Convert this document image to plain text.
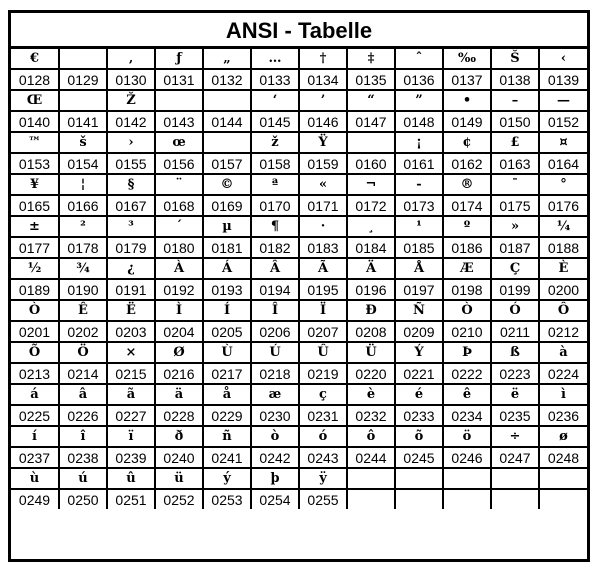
ANSI - Tabelle
€		‚	ƒ	„	…	†	‡	ˆ	‰	Š	‹
0128	0129	0130	0131	0132	0133	0134	0135	0136	0137	0138	0139
Œ		Ž			‘	’	“	”	•	–	—
0140	0141	0142	0143	0144	0145	0146	0147	0148	0149	0150	0152
™	š	›	œ		ž	Ÿ		¡	¢	£	¤
0153	0154	0155	0156	0157	0158	0159	0160	0161	0162	0163	0164
¥	¦	§	¨	©	ª	«	¬	-	®	¯	°
0165	0166	0167	0168	0169	0170	0171	0172	0173	0174	0175	0176
±	²	³	´	µ	¶	·	¸	¹	º	»	¼
0177	0178	0179	0180	0181	0182	0183	0184	0185	0186	0187	0188
½	¾	¿	À	Á	Â	Ã	Ä	Å	Æ	Ç	È
0189	0190	0191	0192	0193	0194	0195	0196	0197	0198	0199	0200
Ò	Ê	Ë	Ì	Í	Î	Ï	Ð	Ñ	Ò	Ó	Ô
0201	0202	0203	0204	0205	0206	0207	0208	0209	0210	0211	0212
Õ	Ö	×	Ø	Ù	Ú	Û	Ü	Ý	Þ	ß	à
0213	0214	0215	0216	0217	0218	0219	0220	0221	0222	0223	0224
á	â	ã	ä	å	æ	ç	è	é	ê	ë	ì
0225	0226	0227	0228	0229	0230	0231	0232	0233	0234	0235	0236
í	î	ï	ð	ñ	ò	ó	ô	õ	ö	÷	ø
0237	0238	0239	0240	0241	0242	0243	0244	0245	0246	0247	0248
ù	ú	û	ü	ý	þ	ÿ					
0249	0250	0251	0252	0253	0254	0255					
